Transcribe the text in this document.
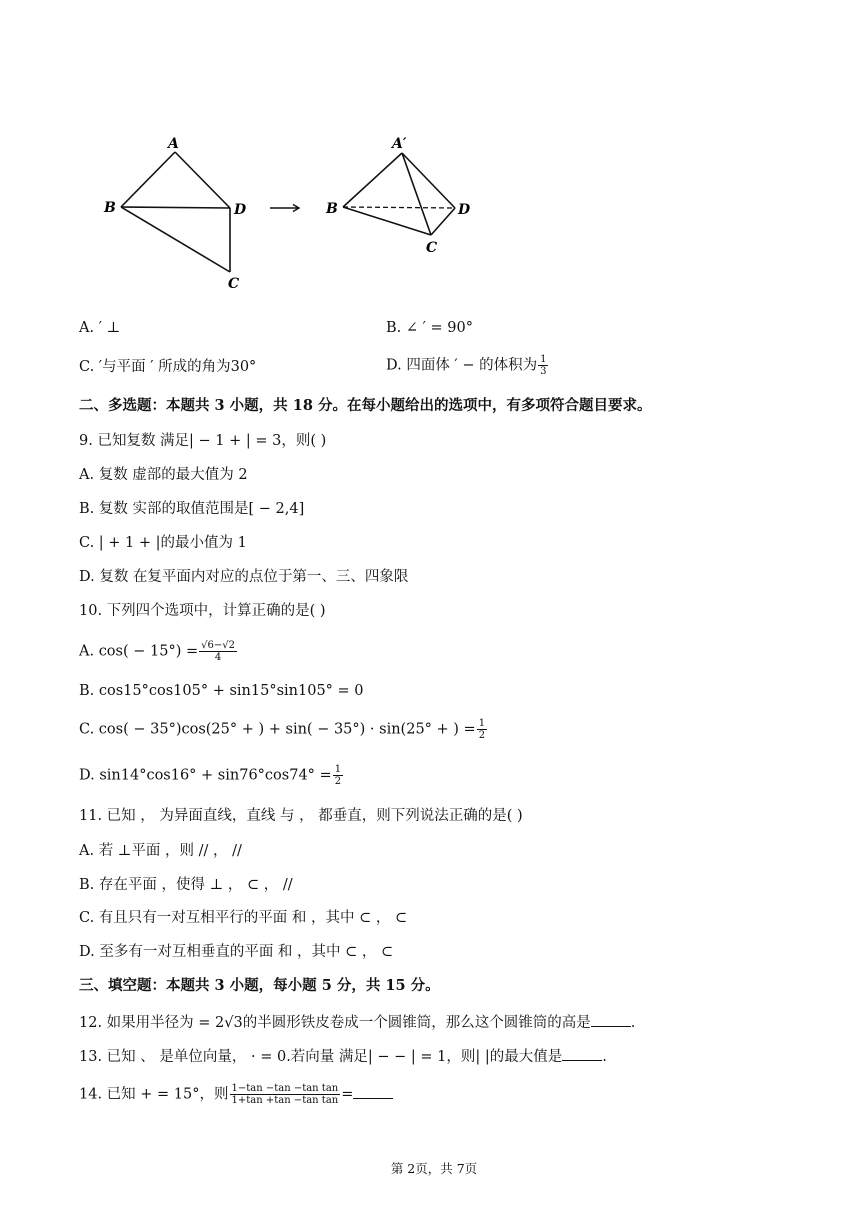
A
B	D
C
A′
B	D
C
A. ′ ⊥	B. ∠ ′ = 90°
C. ′与平面 ′ 所成的角为30°	D. 四面体 ′ − 的体积为 $\frac{1}{3}$
二、多选题：本题共 3 小题，共 18 分。在每小题给出的选项中，有多项符合题目要求。
9. 已知复数 满足| − 1 + | = 3，则( )
A. 复数 虚部的最大值为 2
B. 复数 实部的取值范围是[ − 2,4]
C. | + 1 + |的最小值为 1
D. 复数 在复平面内对应的点位于第一、三、四象限
10. 下列四个选项中，计算正确的是( )
A. $\cos( - 15^\circ) = \frac{√6-√2}{4}$
B. cos15°cos105° + sin15°sin105° = 0
C. cos( − 35°)cos(25° + ) + sin( − 35°) · sin(25° + ) = $\frac{1}{2}$
D. $\sin 14^\circ\cos 16^\circ + \sin 76^\circ\cos 74^\circ = \frac{1}{2}$
11. 已知 ， 为异面直线，直线 与 ， 都垂直，则下列说法正确的是( )
A. 若 ⊥平面 ，则 // ， //
B. 存在平面 ，使得 ⊥ ， ⊂ ， //
C. 有且只有一对互相平行的平面 和 ，其中 ⊂ ， ⊂
D. 至多有一对互相垂直的平面 和 ，其中 ⊂ ， ⊂
三、填空题：本题共 3 小题，每小题 5 分，共 15 分。
12. 如果用半径为 = 2√3的半圆形铁皮卷成一个圆锥筒，那么这个圆锥筒的高是	.
13. 已知 、 是单位向量， · = 0.若向量 满足| − − | = 1，则| |的最大值是	.
14. 已知 + = 15°，则 $\frac{\text{1−tan −tan −tan tan}}{\text{1+tan +tan −tan tan}}$ =
第 2页，共 7页
